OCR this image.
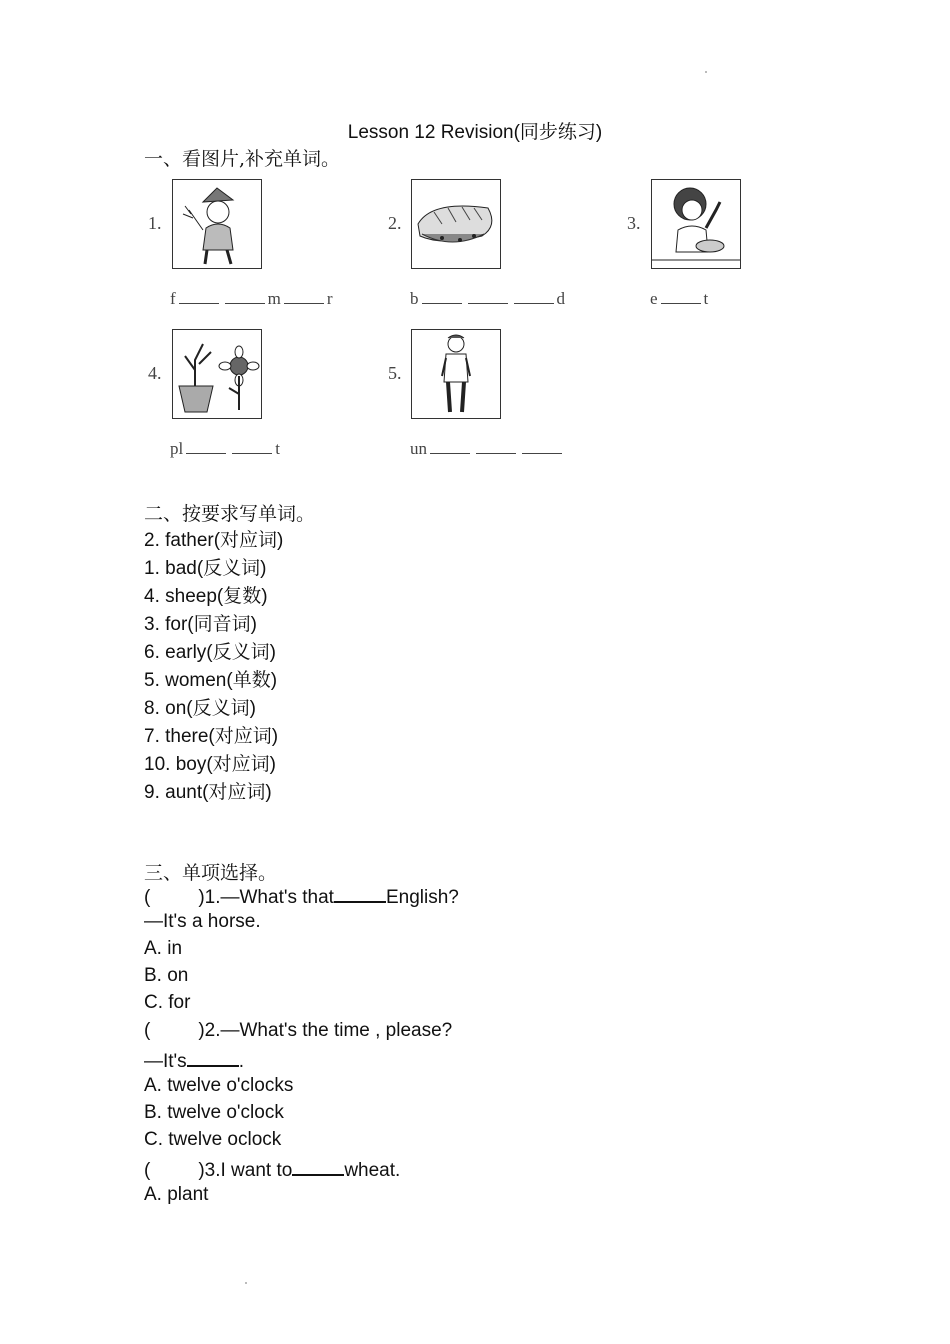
Lesson 12 Revision(同步练习)
一、看图片,补充单词。
1.
f	m	r
2.
b	d
3.
e	t
4.
pl	t
5.
un
二、按要求写单词。
2. father(对应词)
1. bad(反义词)
4. sheep(复数)
3. for(同音词)
6. early(反义词)
5. women(单数)
8. on(反义词)
7. there(对应词)
10. boy(对应词)
9. aunt(对应词)
三、单项选择。
(	)1.—What's that	English?
—It's a horse.
A. in
B. on
C. for
(	)2.—What's the time , please?
—It's	.
A. twelve o'clocks
B. twelve o'clock
C. twelve oclock
(	)3.I want to	wheat.
A. plant
